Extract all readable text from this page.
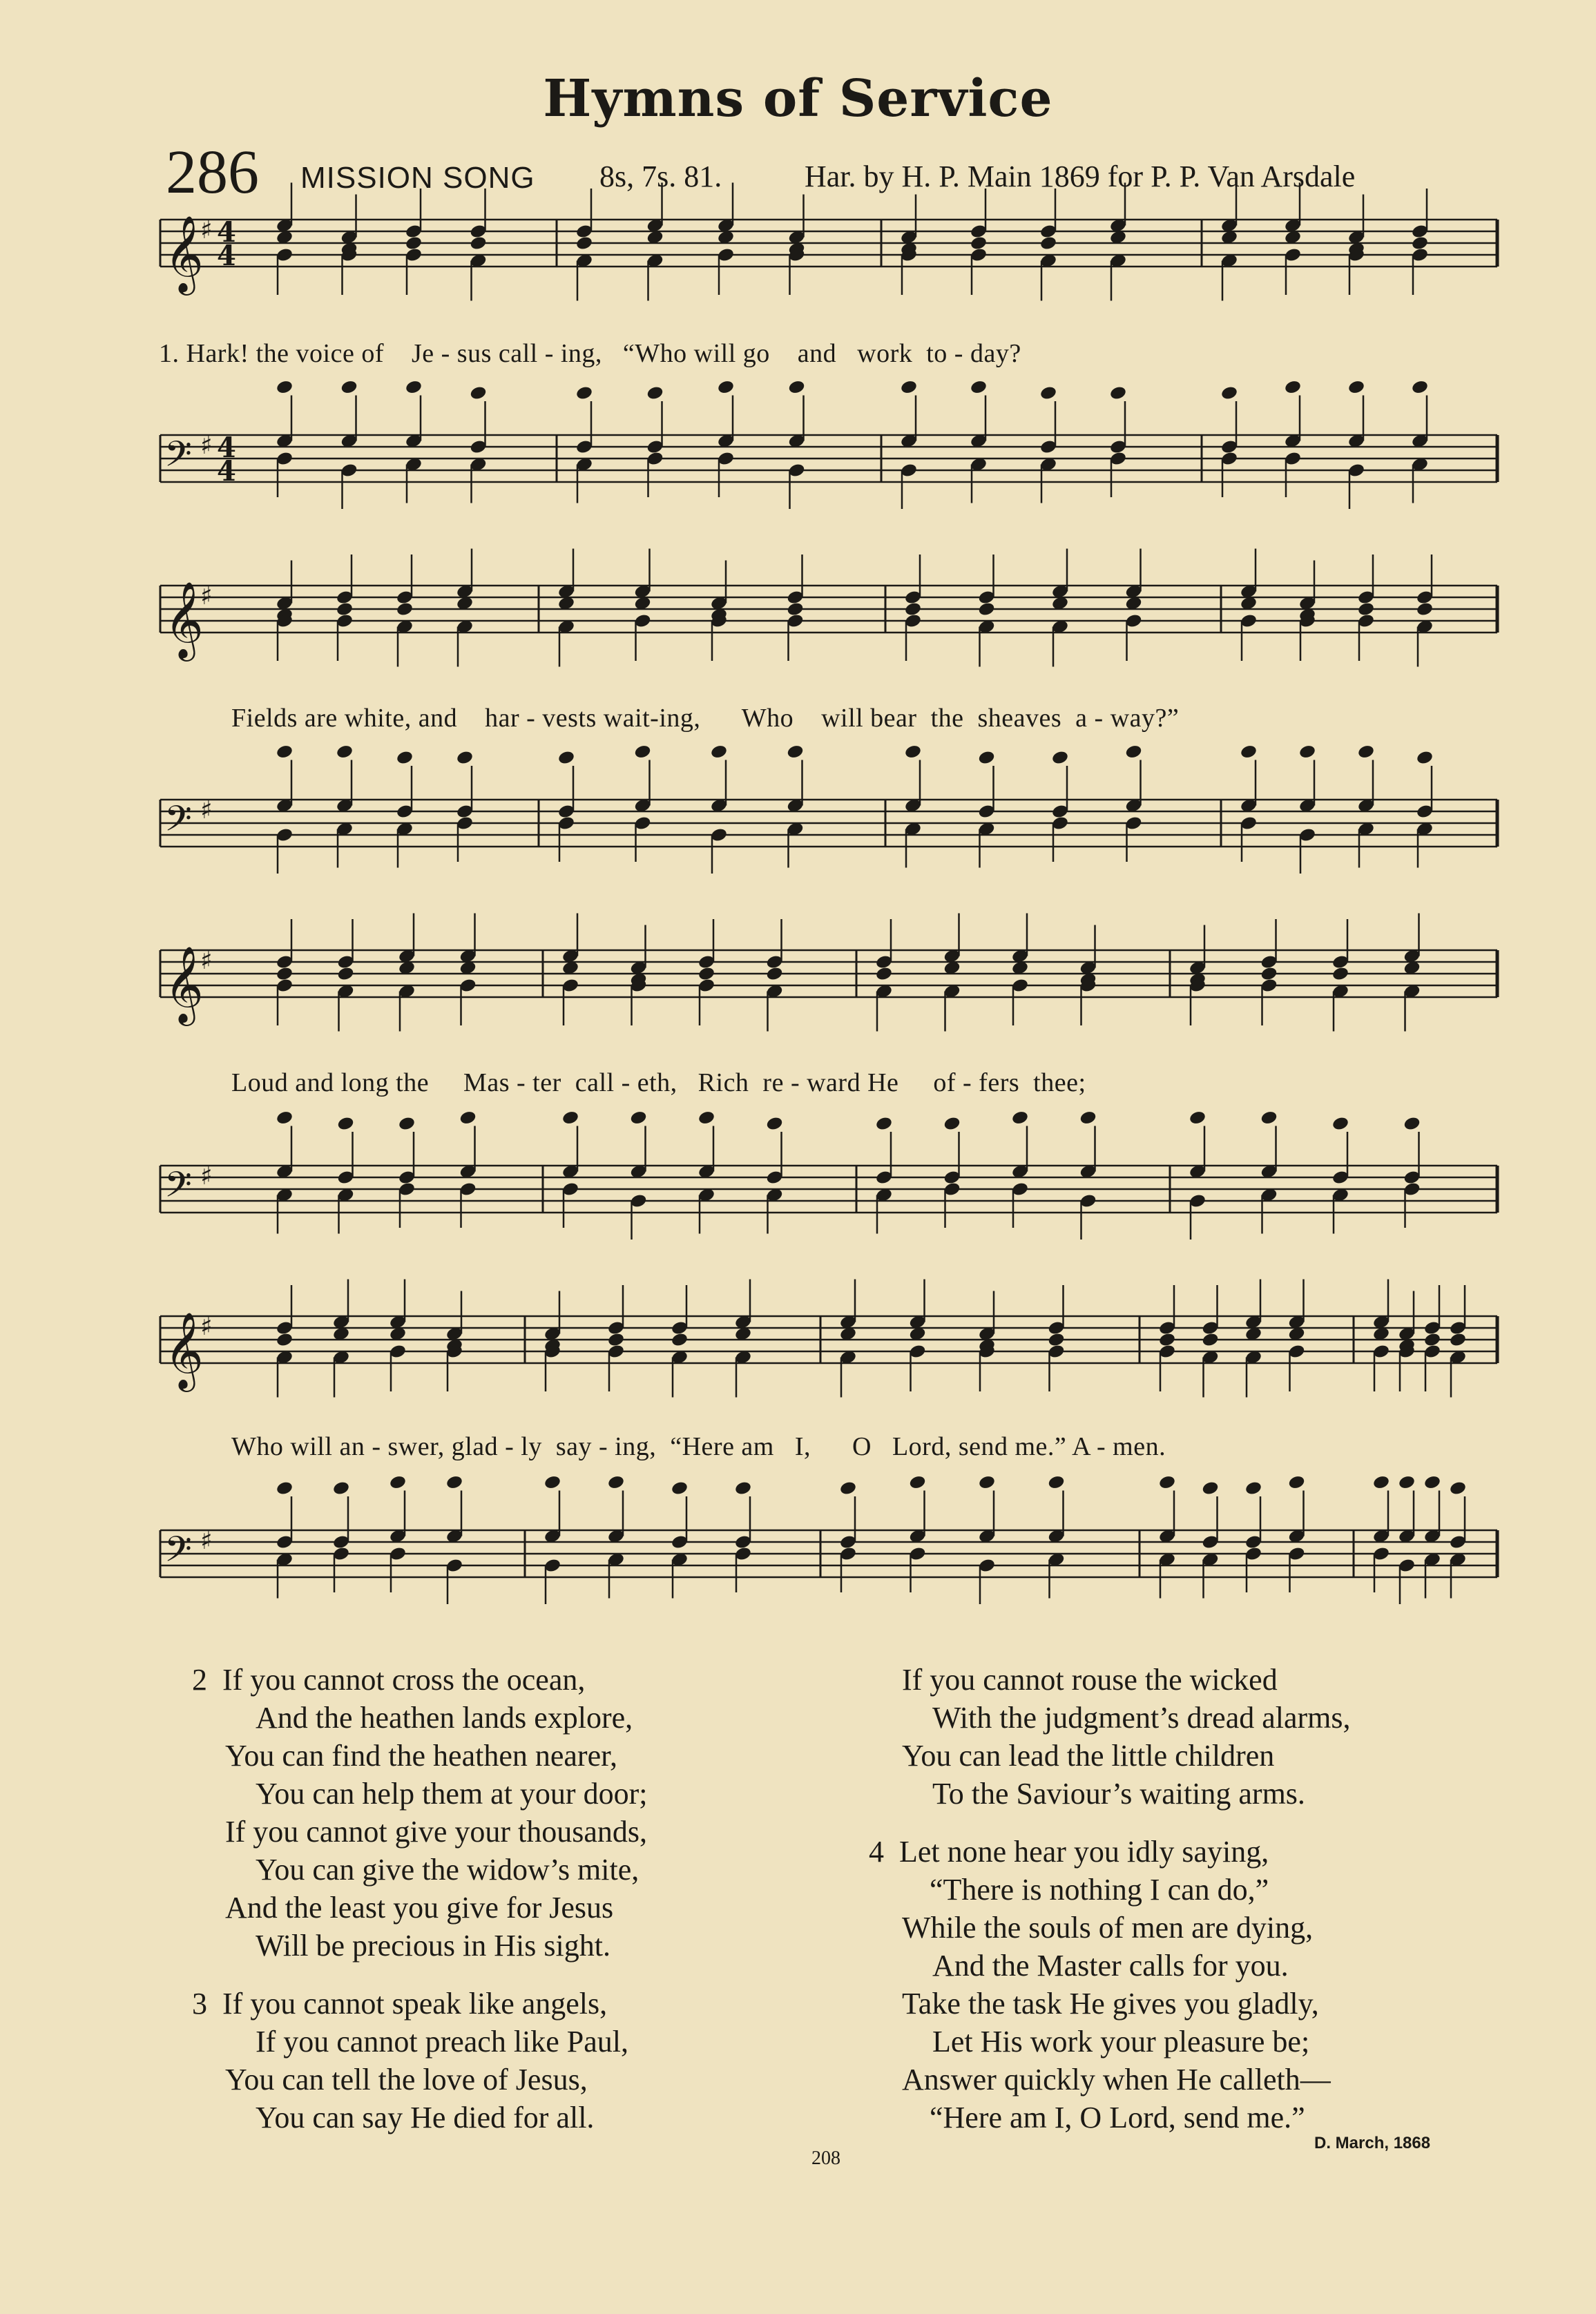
Hymns of Service
286 MISSION SONG 8s, 7s. 81.	Har. by H. P. Main 1869 for P. P. Van Arsdale
𝄞
♯ 4
4
𝄢 ♯ 4
4
𝄞
♯
𝄢 ♯
𝄞
♯
𝄢 ♯
𝄞
♯
𝄢 ♯
1. Hark! the voice of    Je - sus call - ing,   “Who will go    and   work  to - day?
Fields are white, and    har - vests wait-ing,      Who    will bear  the  sheaves  a - way?”
Loud and long the     Mas - ter  call - eth,   Rich  re - ward He     of - fers  thee;
Who will an - swer, glad - ly  say - ing,  “Here am   I,      O   Lord, send me.” A - men.
2 If you cannot cross the ocean,
And the heathen lands explore,
You can find the heathen nearer,
You can help them at your door;
If you cannot give your thousands,
You can give the widow’s mite,
And the least you give for Jesus
Will be precious in His sight.
3 If you cannot speak like angels,
If you cannot preach like Paul,
You can tell the love of Jesus,
You can say He died for all.
If you cannot rouse the wicked
With the judgment’s dread alarms,
You can lead the little children
To the Saviour’s waiting arms.
4 Let none hear you idly saying,
“There is nothing I can do,”
While the souls of men are dying,
And the Master calls for you.
Take the task He gives you gladly,
Let His work your pleasure be;
Answer quickly when He calleth—
“Here am I, O Lord, send me.”
208
D. March, 1868
